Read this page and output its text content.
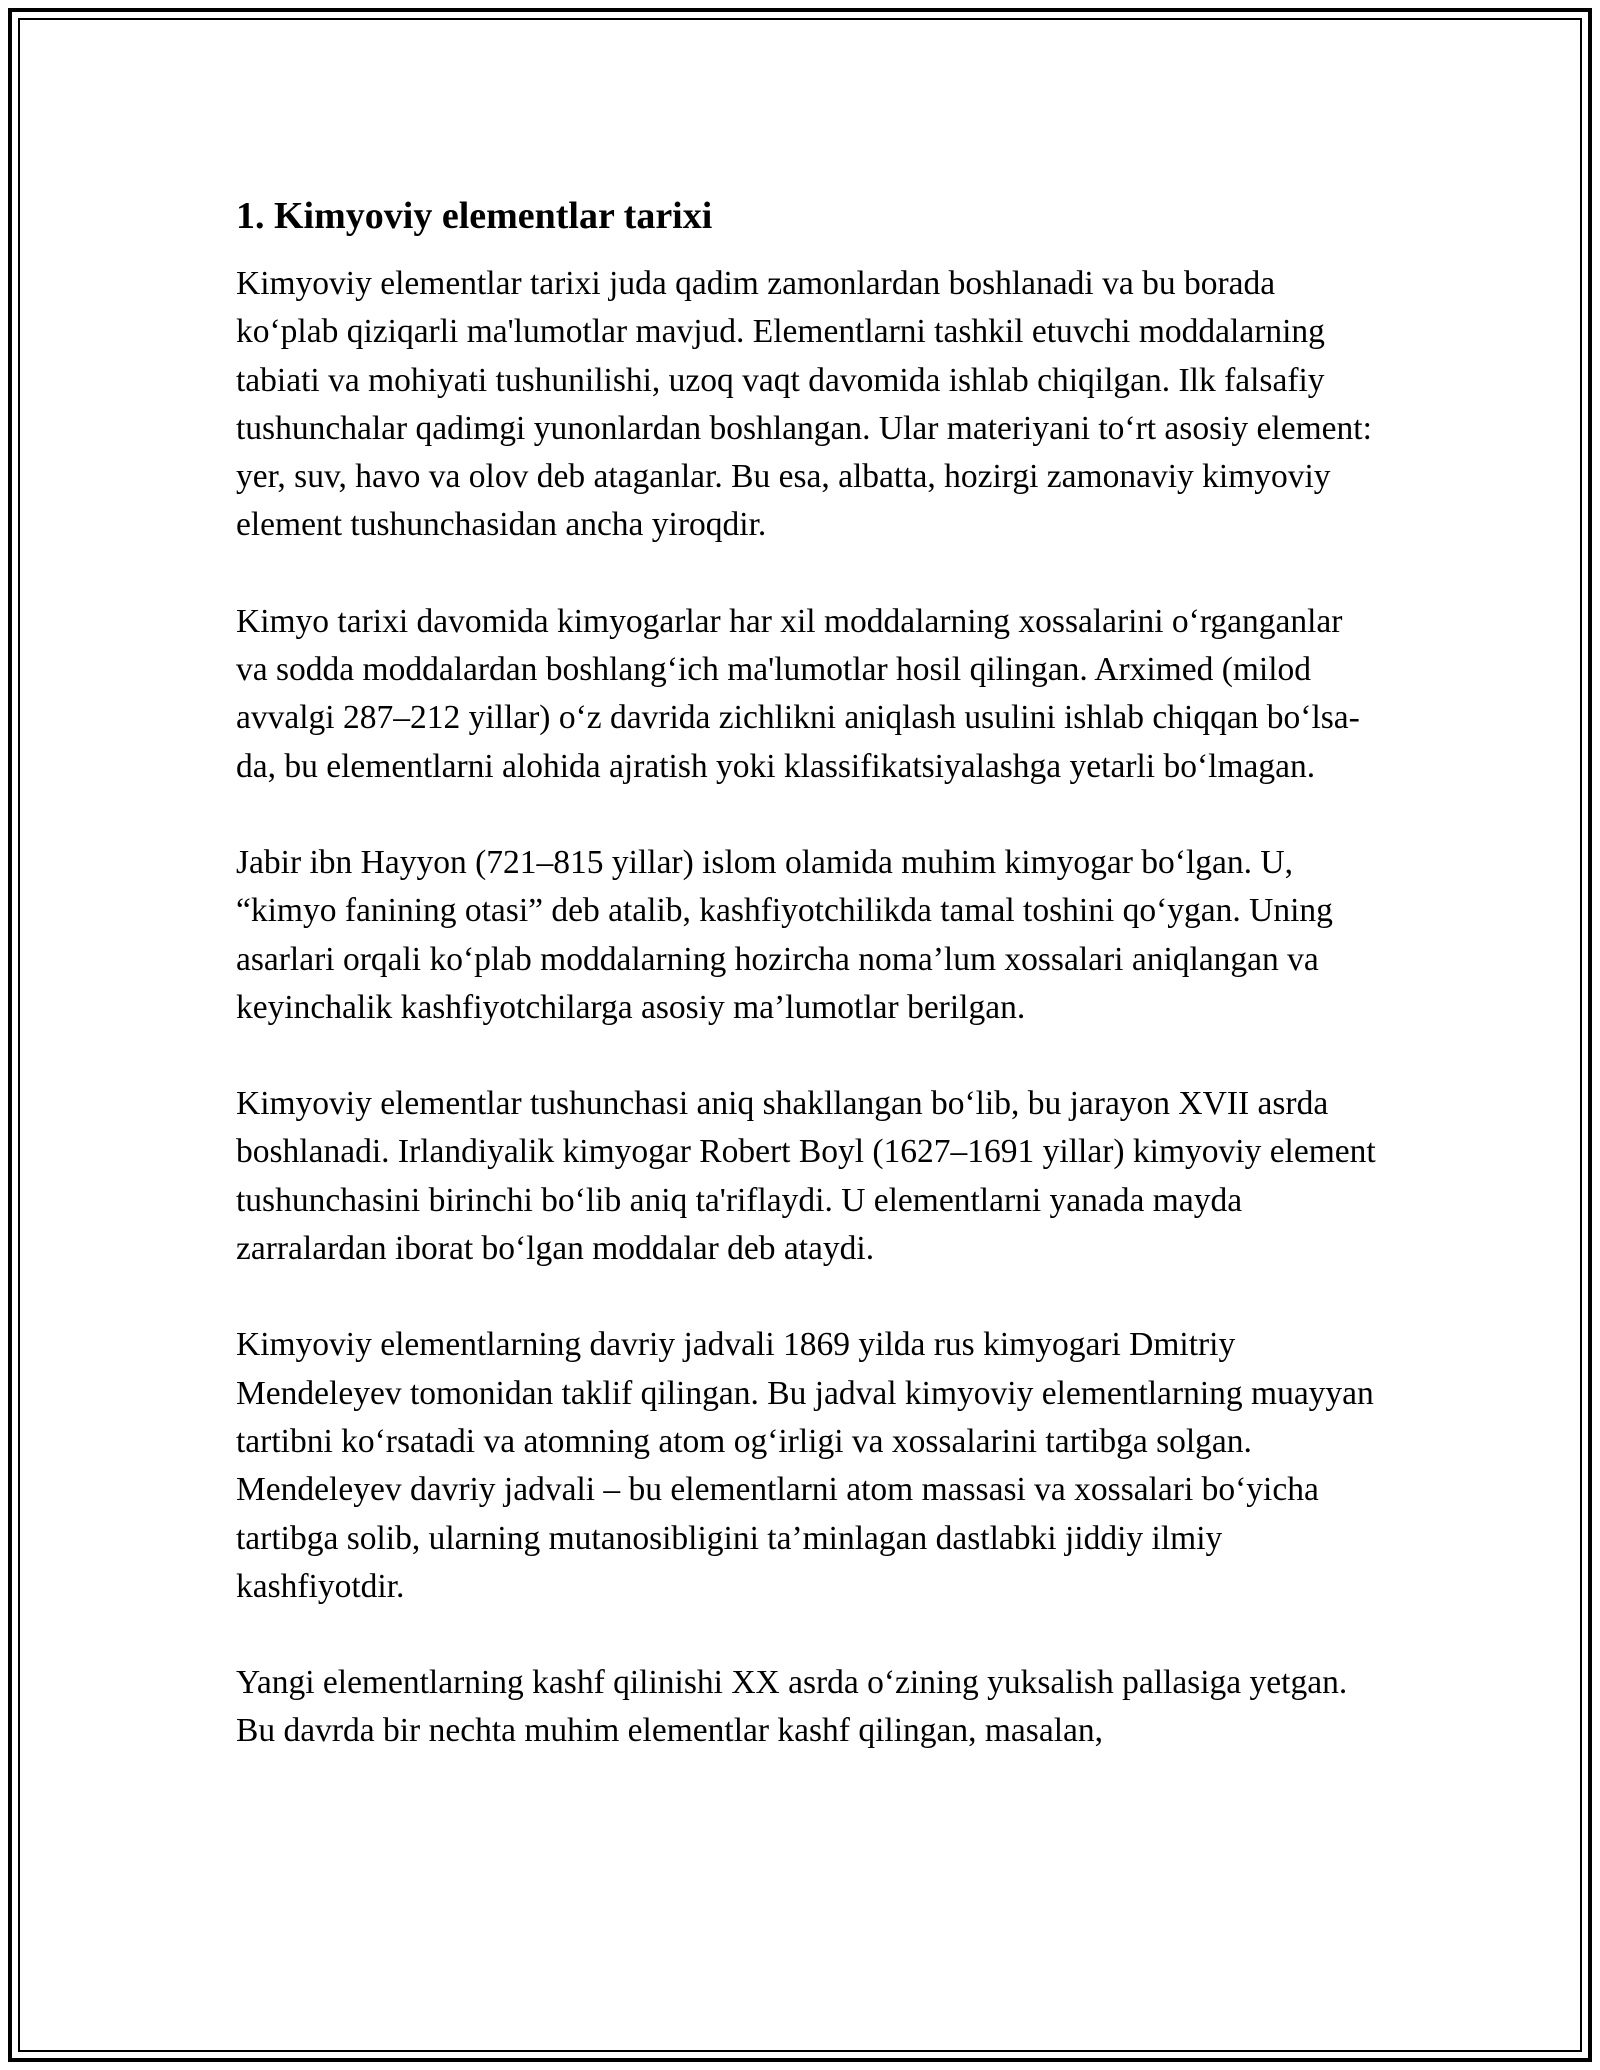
1. Kimyoviy elementlar tarixi

Kimyoviy elementlar tarixi juda qadim zamonlardan boshlanadi va bu borada ko‘plab qiziqarli ma'lumotlar mavjud. Elementlarni tashkil etuvchi moddalarning tabiati va mohiyati tushunilishi, uzoq vaqt davomida ishlab chiqilgan. Ilk falsafiy tushunchalar qadimgi yunonlardan boshlangan. Ular materiyani to‘rt asosiy element: yer, suv, havo va olov deb ataganlar. Bu esa, albatta, hozirgi zamonaviy kimyoviy element tushunchasidan ancha yiroqdir.

Kimyo tarixi davomida kimyogarlar har xil moddalarning xossalarini o‘rganganlar va sodda moddalardan boshlang‘ich ma'lumotlar hosil qilingan. Arximed (milod avvalgi 287–212 yillar) o‘z davrida zichlikni aniqlash usulini ishlab chiqqan bo‘lsa-da, bu elementlarni alohida ajratish yoki klassifikatsiyalashga yetarli bo‘lmagan.

Jabir ibn Hayyon (721–815 yillar) islom olamida muhim kimyogar bo‘lgan. U, “kimyo fanining otasi” deb atalib, kashfiyotchilikda tamal toshini qo‘ygan. Uning asarlari orqali ko‘plab moddalarning hozircha noma’lum xossalari aniqlangan va keyinchalik kashfiyotchilarga asosiy ma’lumotlar berilgan.

Kimyoviy elementlar tushunchasi aniq shakllangan bo‘lib, bu jarayon XVII asrda boshlanadi. Irlandiyalik kimyogar Robert Boyl (1627–1691 yillar) kimyoviy element tushunchasini birinchi bo‘lib aniq ta'riflaydi. U elementlarni yanada mayda zarralardan iborat bo‘lgan moddalar deb ataydi.

Kimyoviy elementlarning davriy jadvali 1869 yilda rus kimyogari Dmitriy Mendeleyev tomonidan taklif qilingan. Bu jadval kimyoviy elementlarning muayyan tartibni ko‘rsatadi va atomning atom og‘irligi va xossalarini tartibga solgan. Mendeleyev davriy jadvali – bu elementlarni atom massasi va xossalari bo‘yicha tartibga solib, ularning mutanosibligini ta’minlagan dastlabki jiddiy ilmiy kashfiyotdir.

Yangi elementlarning kashf qilinishi XX asrda o‘zining yuksalish pallasiga yetgan. Bu davrda bir nechta muhim elementlar kashf qilingan, masalan,
